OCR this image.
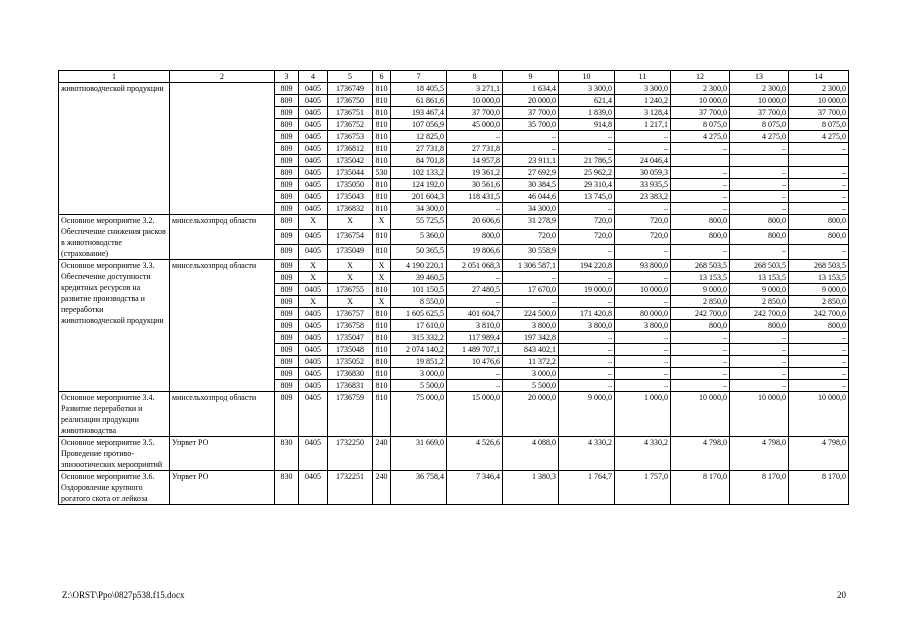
1	2	3	4	5	6	7	8	9	10	11	12	13	14
животноводческой продукции		809	0405	1736749	810	18 405,5	3 271,1	1 634,4	3 300,0	3 300,0	2 300,0	2 300,0	2 300,0
		809	0405	1736750	810	61 861,6	10 000,0	20 000,0	621,4	1 240,2	10 000,0	10 000,0	10 000,0
		809	0405	1736751	810	193 467,4	37 700,0	37 700,0	1 839,0	3 128,4	37 700,0	37 700,0	37 700,0
		809	0405	1736752	810	107 056,9	45 000,0	35 700,0	914,8	1 217,1	8 075,0	8 075,0	8 075,0
		809	0405	1736753	810	12 825,0	–	–	–	–	4 275,0	4 275,0	4 275,0
		809	0405	1736812	810	27 731,8	27 731,8	–	–	–	–	–	–
		809	0405	1735042	810	84 701,8	14 957,8	23 911,1	21 786,5	24 046,4			
		809	0405	1735044	530	102 133,2	19 361,2	27 692,9	25 962,2	30 059,3	–	–	–
		809	0405	1735050	810	124 192,0	30 561,6	30 384,5	29 310,4	33 935,5	–	–	–
		809	0405	1735043	810	201 604,3	118 431,5	46 044,6	13 745,0	23 383,2	–	–	–
		809	0405	1736832	810	34 300,0	–	34 300,0	–	–	–	–	–
Основное мероприятие 3.2. Обеспечение снижения рисков в животноводстве (страхование)	минсельхозпрод области	809	Х	Х	Х	55 725,5	20 606,6	31 278,9	720,0	720,0	800,0	800,0	800,0
		809	0405	1736754	810	5 360,0	800,0	720,0	720,0	720,0	800,0	800,0	800,0
		809	0405	1735049	810	50 365,5	19 806,6	30 558,9	–	–	–	–	–
Основное мероприятие 3.3. Обеспечение доступности кредитных ресурсов на развитие производства и переработки животноводческой продукции	минсельхозпрод области	809	Х	Х	Х	4 190 220,1	2 051 068,3	1 306 587,1	194 220,8	93 800,0	268 503,5	268 503,5	268 503,5
		809	Х	Х	Х	39 460,5	–	–	–	–	13 153,5	13 153,5	13 153,5
		809	0405	1736755	810	101 150,5	27 480,5	17 670,0	19 000,0	10 000,0	9 000,0	9 000,0	9 000,0
		809	Х	Х	Х	8 550,0	–	–	–	–	2 850,0	2 850,0	2 850,0
		809	0405	1736757	810	1 605 625,5	401 604,7	224 500,0	171 420,8	80 000,0	242 700,0	242 700,0	242 700,0
		809	0405	1736758	810	17 610,0	3 810,0	3 800,0	3 800,0	3 800,0	800,0	800,0	800,0
		809	0405	1735047	810	315 332,2	117 989,4	197 342,8	–	–	–	–	–
		809	0405	1735048	810	2 074 140,2	1 489 707,1	843 402,1	–	–	–	–	–
		809	0405	1735052	810	19 851,2	10 476,6	11 372,2	–	–	–	–	–
		809	0405	1736830	810	3 000,0	–	3 000,0	–	–	–	–	–
		809	0405	1736831	810	5 500,0	–	5 500,0	–	–	–	–	–
Основное мероприятие 3.4. Развитие переработки и реализации продукции животноводства	минсельхозпрод области	809	0405	1736759	810	75 000,0	15 000,0	20 000,0	9 000,0	1 000,0	10 000,0	10 000,0	10 000,0
Основное мероприятие 3.5. Проведение противо-эпизоотических мероприятий	Упрвет РО	830	0405	1732250	240	31 669,0	4 526,6	4 088,0	4 330,2	4 330,2	4 798,0	4 798,0	4 798,0
Основное мероприятие 3.6. Оздоровление крупного рогатого скота от лейкоза	Упрвет РО	830	0405	1732251	240	36 758,4	7 346,4	1 380,3	1 764,7	1 757,0	8 170,0	8 170,0	8 170,0
Z:\ORST\Ppo\0827p538.f15.docx	20
